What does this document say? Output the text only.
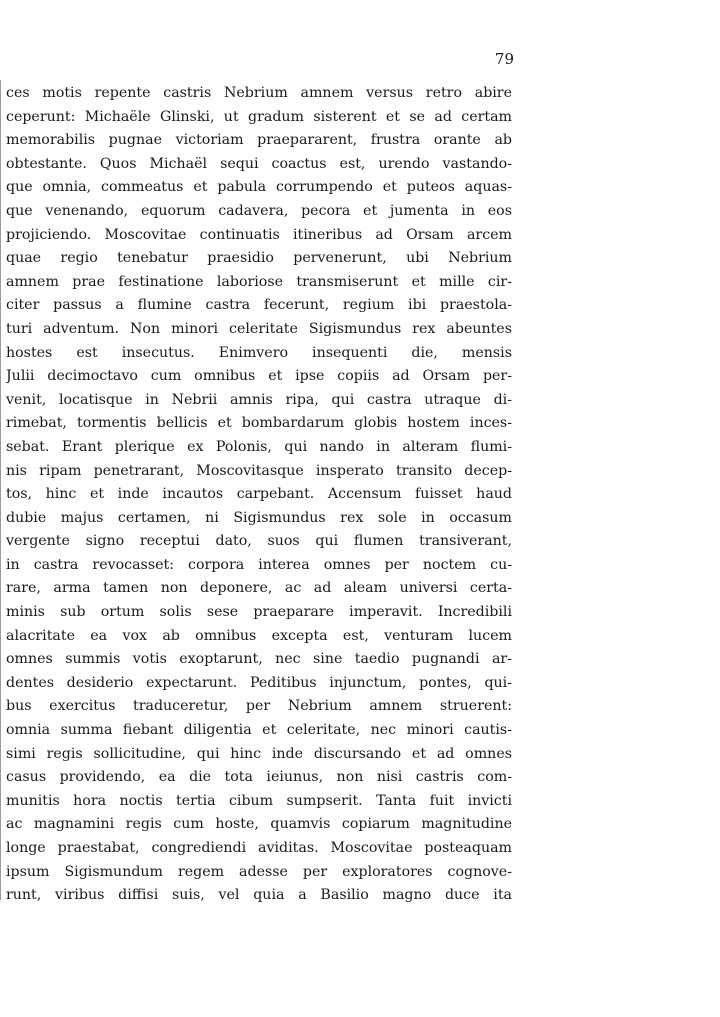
79
ces motis repente castris Nebrium amnem versus retro abire
ceperunt: Michaële Glinski, ut gradum sisterent et se ad certam
memorabilis pugnae victoriam praepararent, frustra orante ab
obtestante. Quos Michaël sequi coactus est, urendo vastando-
que omnia, commeatus et pabula corrumpendo et puteos aquas-
que venenando, equorum cadavera, pecora et jumenta in eos
projiciendo. Moscovitae continuatis itineribus ad Orsam arcem
quae regio tenebatur praesidio pervenerunt, ubi Nebrium
amnem prae festinatione laboriose transmiserunt et mille cir-
citer passus a flumine castra fecerunt, regium ibi praestola-
turi adventum. Non minori celeritate Sigismundus rex abeuntes
hostes est insecutus. Enimvero insequenti die, mensis
Julii decimoctavo cum omnibus et ipse copiis ad Orsam per-
venit, locatisque in Nebrii amnis ripa, qui castra utraque di-
rimebat, tormentis bellicis et bombardarum globis hostem inces-
sebat. Erant plerique ex Polonis, qui nando in alteram flumi-
nis ripam penetrarant, Moscovitasque insperato transito decep-
tos, hinc et inde incautos carpebant. Accensum fuisset haud
dubie majus certamen, ni Sigismundus rex sole in occasum
vergente signo receptui dato, suos qui flumen transiverant,
in castra revocasset: corpora interea omnes per noctem cu-
rare, arma tamen non deponere, ac ad aleam universi certa-
minis sub ortum solis sese praeparare imperavit. Incredibili
alacritate ea vox ab omnibus excepta est, venturam lucem
omnes summis votis exoptarunt, nec sine taedio pugnandi ar-
dentes desiderio expectarunt. Peditibus injunctum, pontes, qui-
bus exercitus traduceretur, per Nebrium amnem struerent:
omnia summa fiebant diligentia et celeritate, nec minori cautis-
simi regis sollicitudine, qui hinc inde discursando et ad omnes
casus providendo, ea die tota ieiunus, non nisi castris com-
munitis hora noctis tertia cibum sumpserit. Tanta fuit invicti
ac magnamini regis cum hoste, quamvis copiarum magnitudine
longe praestabat, congrediendi aviditas. Moscovitae posteaquam
ipsum Sigismundum regem adesse per exploratores cognove-
runt, viribus diffisi suis, vel quia a Basilio magno duce ita
